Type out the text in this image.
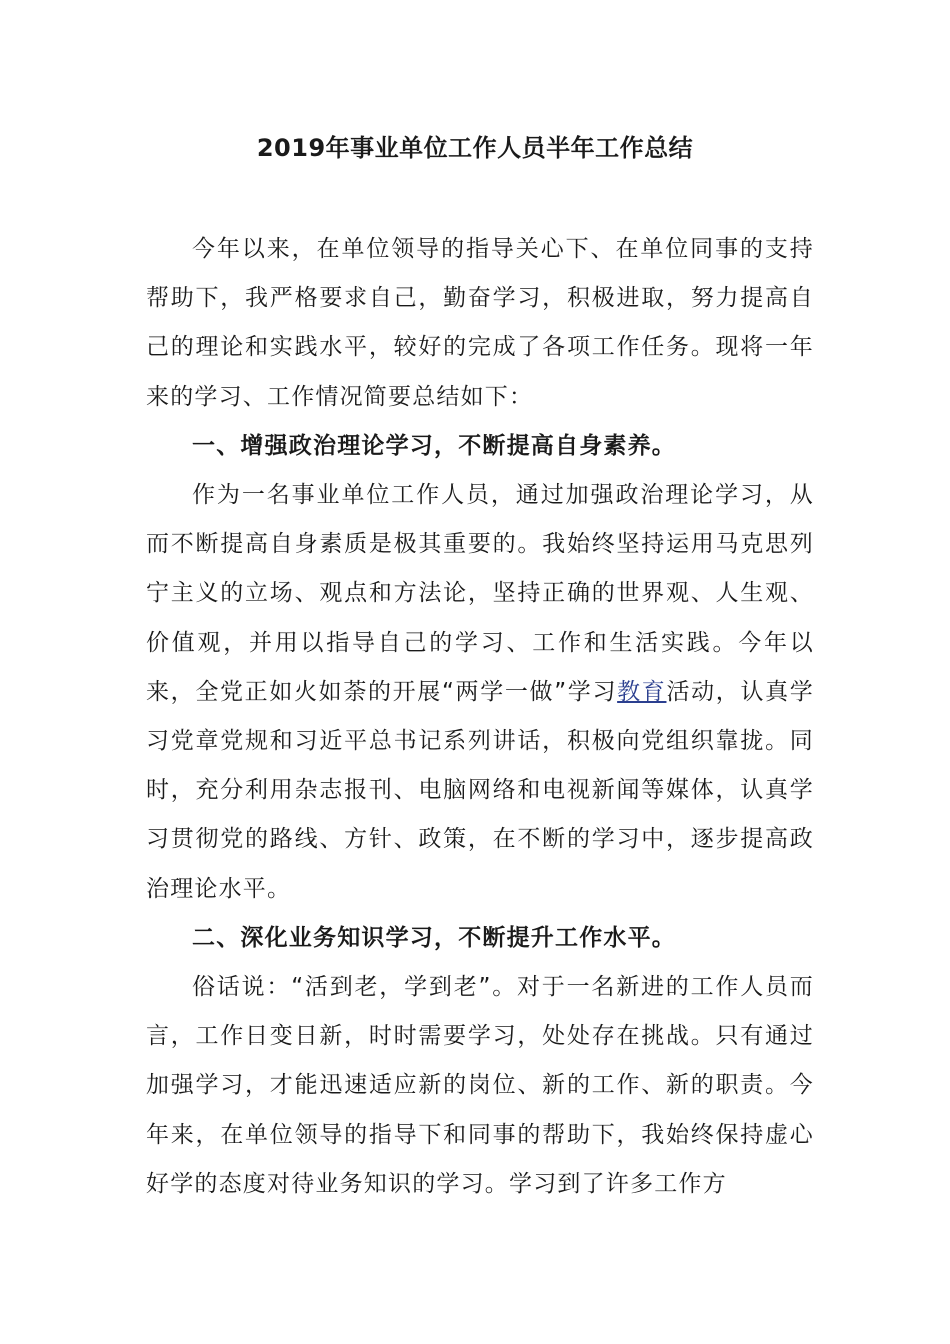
2019年事业单位工作人员半年工作总结

今年以来，在单位领导的指导关心下、在单位同事的支持帮助下，我严格要求自己，勤奋学习，积极进取，努力提高自己的理论和实践水平，较好的完成了各项工作任务。现将一年来的学习、工作情况简要总结如下：

一、增强政治理论学习，不断提高自身素养。

作为一名事业单位工作人员，通过加强政治理论学习，从而不断提高自身素质是极其重要的。我始终坚持运用马克思列宁主义的立场、观点和方法论，坚持正确的世界观、人生观、价值观，并用以指导自己的学习、工作和生活实践。今年以来，全党正如火如荼的开展“两学一做”学习教育活动，认真学习党章党规和习近平总书记系列讲话，积极向党组织靠拢。同时，充分利用杂志报刊、电脑网络和电视新闻等媒体，认真学习贯彻党的路线、方针、政策，在不断的学习中，逐步提高政治理论水平。

二、深化业务知识学习，不断提升工作水平。

俗话说：“活到老，学到老”。对于一名新进的工作人员而言，工作日变日新，时时需要学习，处处存在挑战。只有通过加强学习，才能迅速适应新的岗位、新的工作、新的职责。今年来，在单位领导的指导下和同事的帮助下，我始终保持虚心好学的态度对待业务知识的学习。学习到了许多工作方
